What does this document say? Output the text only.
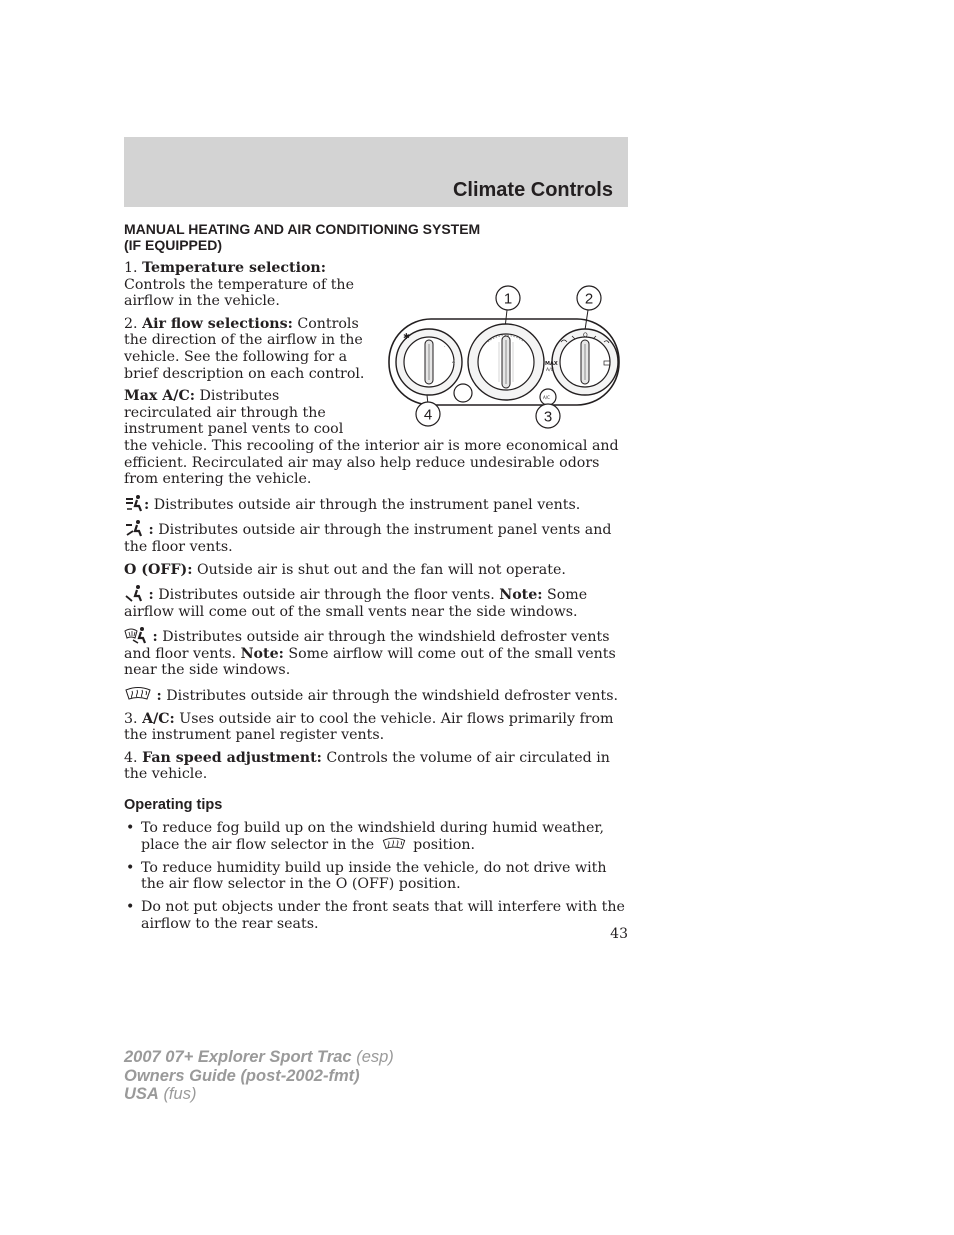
Climate Controls
MANUAL HEATING AND AIR CONDITIONING SYSTEM
(IF EQUIPPED)
✱
·
4	MAX
A/C
O
A/C
1	2
3
4

1. Temperature selection: Controls the temperature of the airflow in the vehicle.

2. Air flow selections: Controls the direction of the airflow in the vehicle. See the following for a brief description on each control.

Max A/C: Distributes recirculated air through the instrument panel vents to cool the vehicle. This recooling of the interior air is more economical and efficient. Recirculated air may also help reduce undesirable odors from entering the vehicle.

: Distributes outside air through the instrument panel vents.

: Distributes outside air through the instrument panel vents and the floor vents.

O (OFF): Outside air is shut out and the fan will not operate.

: Distributes outside air through the floor vents. Note: Some airflow will come out of the small vents near the side windows.

: Distributes outside air through the windshield defroster vents and floor vents. Note: Some airflow will come out of the small vents near the side windows.

: Distributes outside air through the windshield defroster vents.

3. A/C: Uses outside air to cool the vehicle. Air flows primarily from the instrument panel register vents.

4. Fan speed adjustment: Controls the volume of air circulated in the vehicle.

Operating tips
• To reduce fog build up on the windshield during humid weather, place the air flow selector in the	position.
• To reduce humidity build up inside the vehicle, do not drive with the air flow selector in the O (OFF) position.
• Do not put objects under the front seats that will interfere with the airflow to the rear seats.
43
2007 07+ Explorer Sport Trac (esp)
Owners Guide (post-2002-fmt)
USA (fus)
